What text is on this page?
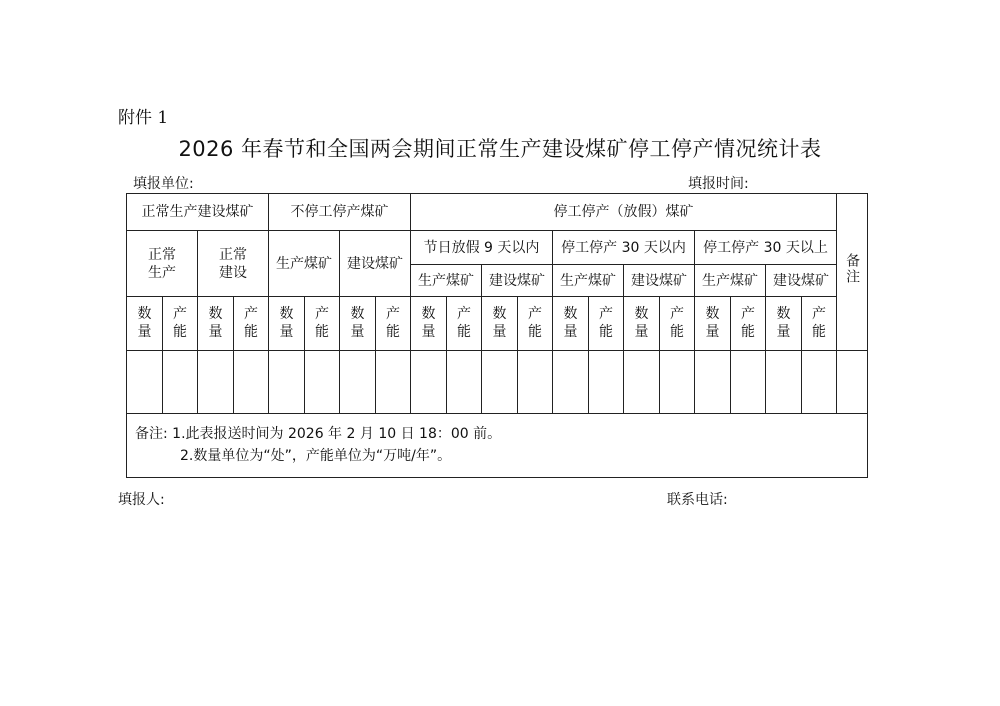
附件 1
2026 年春节和全国两会期间正常生产建设煤矿停工停产情况统计表
填报单位:	填报时间:
正常生产建设煤矿				不停工停产煤矿				停工停产（放假）煤矿												备注

正常生产		正常建设		生产煤矿		建设煤矿		节日放假 9 天以内				停工停产 30 天以内				停工停产 30 天以上				
								生产煤矿		建设煤矿		生产煤矿		建设煤矿		生产煤矿		建设煤矿		

数量	产能	数量	产能	数量	产能	数量	产能	数量	产能	数量	产能	数量	产能	数量	产能	数量	产能	数量	产能	

备注: 1.此表报送时间为 2026 年 2 月 10 日 18：00 前。
2.数量单位为“处”，产能单位为“万吨/年”。																				
填报人:	联系电话:
